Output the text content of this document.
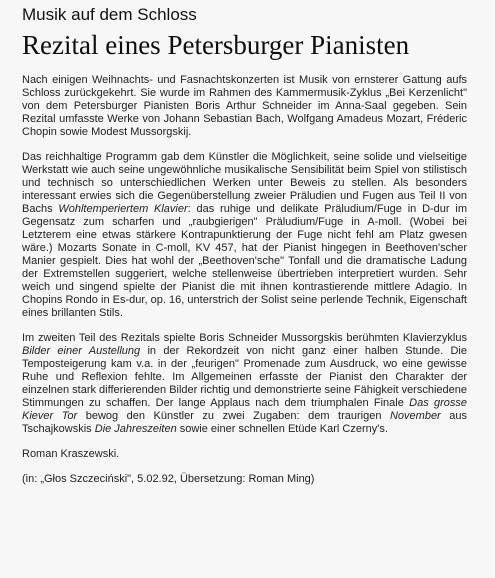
Musik auf dem Schloss
Rezital eines Petersburger Pianisten

Nach einigen Weihnachts- und Fasnachtskonzerten ist Musik von ernsterer Gattung aufs Schloss zurückgekehrt. Sie wurde im Rahmen des Kammermusik-Zyklus „Bei Kerzenlicht" von dem Petersburger Pianisten Boris Arthur Schneider im Anna-Saal gegeben. Sein Rezital umfasste Werke von Johann Sebastian Bach, Wolfgang Amadeus Mozart, Fréderic Chopin sowie Modest Mussorgskij.

Das reichhaltige Programm gab dem Künstler die Möglichkeit, seine solide und vielseitige Werkstatt wie auch seine ungewöhnliche musikalische Sensibilität beim Spiel von stilistisch und technisch so unterschiedlichen Werken unter Beweis zu stellen. Als besonders interessant erwies sich die Gegenüberstellung zweier Präludien und Fugen aus Teil II von Bachs Wohltemperiertem Klavier: das ruhige und delikate Präludium/Fuge in D-dur im Gegensatz zum scharfen und „raubgierigen" Präludium/Fuge in A-moll. (Wobei bei Letzterem eine etwas stärkere Kontrapunktierung der Fuge nicht fehl am Platz gwesen wäre.) Mozarts Sonate in C-moll, KV 457, hat der Pianist hingegen in Beethoven'scher Manier gespielt. Dies hat wohl der „Beethoven'sche" Tonfall und die dramatische Ladung der Extremstellen suggeriert, welche stellenweise übertrieben interpretiert wurden. Sehr weich und singend spielte der Pianist die mit ihnen kontrastierende mittlere Adagio. In Chopins Rondo in Es-dur, op. 16, unterstrich der Solist seine perlende Technik, Eigenschaft eines brillanten Stils.

Im zweiten Teil des Rezitals spielte Boris Schneider Mussorgskis berühmten Klavierzyklus Bilder einer Austellung in der Rekordzeit von nicht ganz einer halben Stunde. Die Temposteigerung kam v.a. in der „feurigen" Promenade zum Ausdruck, wo eine gewisse Ruhe und Reflexion fehlte. Im Allgemeinen erfasste der Pianist den Charakter der einzelnen stark differierenden Bilder richtig und demonstrierte seine Fähigkeit verschiedene Stimmungen zu schaffen. Der lange Applaus nach dem triumphalen Finale Das grosse Kiever Tor bewog den Künstler zu zwei Zugaben: dem traurigen November aus Tschajkowskis Die Jahreszeiten sowie einer schnellen Etüde Karl Czerny's.

Roman Kraszewski.

(in: „Głos Szczeciński", 5.02.92, Übersetzung: Roman Ming)
